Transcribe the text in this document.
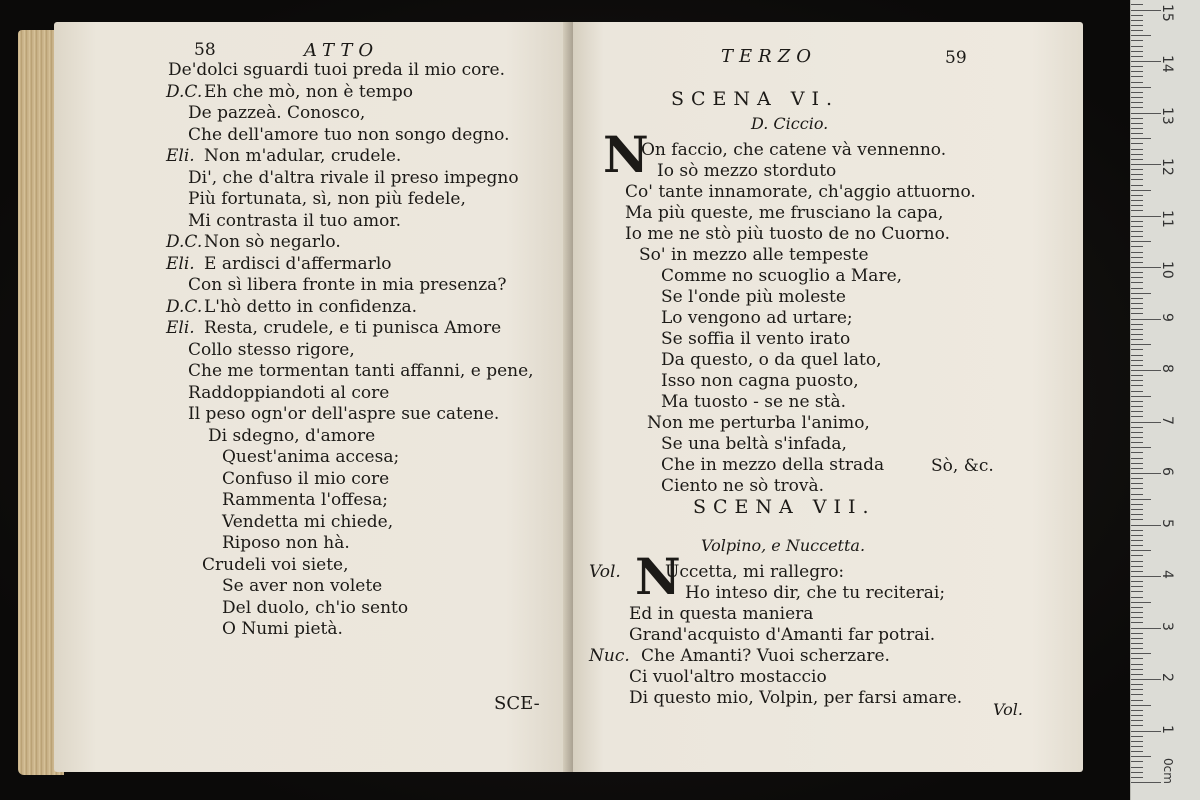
58	ATTO
SCE-
De'dolci sguardi tuoi preda il mio core.
D.C. Eh che mò, non è tempo
De pazzeà. Conosco,
Che dell'amore tuo non songo degno.
Eli. Non m'adular, crudele.
Di', che d'altra rivale il preso impegno
Più fortunata, sì, non più fedele,
Mi contrasta il tuo amor.
D.C. Non sò negarlo.
Eli. E ardisci d'affermarlo
Con sì libera fronte in mia presenza?
D.C. L'hò detto in confidenza.
Eli. Resta, crudele, e ti punisca Amore
Collo stesso rigore,
Che me tormentan tanti affanni, e pene,
Raddoppiandoti al core
Il peso ogn'or dell'aspre sue catene.
Di sdegno, d'amore
Quest'anima accesa;
Confuso il mio core
Rammenta l'offesa;
Vendetta mi chiede,
Riposo non hà.
Crudeli voi siete,
Se aver non volete
Del duolo, ch'io sento
O Numi pietà.
TERZO	59
SCENA VI.
D. Ciccio.
N
Sò, &c.
SCENA VII.
Volpino, e Nuccetta.
N
Vol.
On faccio, che catene và vennenno.
Io sò mezzo storduto
Co' tante innamorate, ch'aggio attuorno.
Ma più queste, me frusciano la capa,
Io me ne stò più tuosto de no Cuorno.
So' in mezzo alle tempeste
Comme no scuoglio a Mare,
Se l'onde più moleste
Lo vengono ad urtare;
Se soffia il vento irato
Da questo, o da quel lato,
Isso non cagna puosto,
Ma tuosto - se ne stà.
Non me perturba l'animo,
Se una beltà s'infada,
Che in mezzo della strada
Ciento ne sò trovà.
Vol.	Uccetta, mi rallegro:
Ho inteso dir, che tu reciterai;
Ed in questa maniera
Grand'acquisto d'Amanti far potrai.
Nuc. Che Amanti? Vuoi scherzare.
Ci vuol'altro mostaccio
Di questo mio, Volpin, per farsi amare.
0cm
1
2
3
4
5
6
7
8
9
10
11
12
13
14
15
